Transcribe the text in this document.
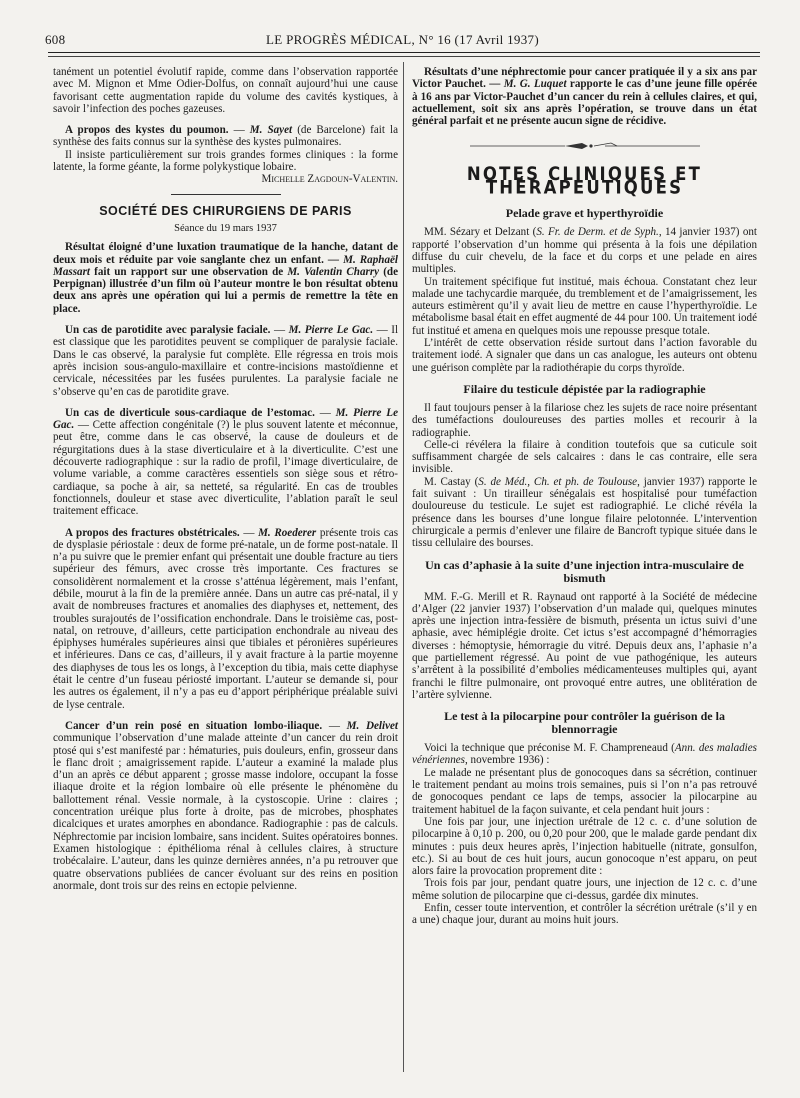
608	LE PROGRÈS MÉDICAL, N° 16 (17 Avril 1937)

tanément un potentiel évolutif rapide, comme dans l’observation rapportée avec M. Mignon et Mme Odier-Dolfus, on connaît aujourd’hui une cause favorisant cette augmentation rapide du volume des cavités kystiques, à savoir l’infection des poches gazeuses.

A propos des kystes du poumon. — M. Sayet (de Barcelone) fait la synthèse des faits connus sur la synthèse des kystes pulmonaires.

Il insiste particulièrement sur trois grandes formes cliniques : la forme latente, la forme géante, la forme polykystique lobaire.

Michelle Zagdoun-Valentin.
SOCIÉTÉ DES CHIRURGIENS DE PARIS
Séance du 19 mars 1937

Résultat éloigné d’une luxation traumatique de la hanche, datant de deux mois et réduite par voie sanglante chez un enfant. — M. Raphaël Massart fait un rapport sur une observation de M. Valentin Charry (de Perpignan) illustrée d’un film où l’auteur montre le bon résultat obtenu deux ans après une opération qui lui a permis de remettre la tête en place.

Un cas de parotidite avec paralysie faciale. — M. Pierre Le Gac. — Il est classique que les parotidites peuvent se compliquer de paralysie faciale. Dans le cas observé, la paralysie fut complète. Elle régressa en trois mois après incision sous-angulo-maxillaire et contre-incisions mastoïdienne et cervicale, nécessitées par les fusées purulentes. La paralysie faciale ne s’observe qu’en cas de parotidite grave.

Un cas de diverticule sous-cardiaque de l’estomac. — M. Pierre Le Gac. — Cette affection congénitale (?) le plus souvent latente et méconnue, peut être, comme dans le cas observé, la cause de douleurs et de régurgitations dues à la stase diverticulaire et à la diverticulite. C’est une découverte radiographique : sur la radio de profil, l’image diverticulaire, de volume variable, a comme caractères essentiels son siège sous et rétro-cardiaque, sa poche à air, sa netteté, sa régularité. En cas de troubles fonctionnels, douleur et stase avec diverticulite, l’ablation paraît le seul traitement efficace.

A propos des fractures obstétricales. — M. Roederer présente trois cas de dysplasie périostale : deux de forme pré-natale, un de forme post-natale. Il n’a pu suivre que le premier enfant qui présentait une double fracture au tiers supérieur des fémurs, avec crosse très importante. Ces fractures se consolidèrent normalement et la crosse s’atténua légèrement, mais l’enfant, débile, mourut à la fin de la première année. Dans un autre cas pré-natal, il y avait de nombreuses fractures et anomalies des diaphyses et, nettement, des troubles surajoutés de l’ossification enchondrale. Dans le troisième cas, post-natal, on retrouve, d’ailleurs, cette participation enchondrale au niveau des épiphyses humérales supérieures ainsi que tibiales et péronières supérieures et inférieures. Dans ce cas, d’ailleurs, il y avait fracture à la partie moyenne des diaphyses de tous les os longs, à l’exception du tibia, mais cette diaphyse était le centre d’un fuseau périosté important. L’auteur se demande si, pour les autres os également, il n’y a pas eu d’apport périphérique préalable suivi de lyse centrale.

Cancer d’un rein posé en situation lombo-iliaque. — M. Delivet communique l’observation d’une malade atteinte d’un cancer du rein droit ptosé qui s’est manifesté par : hématuries, puis douleurs, enfin, grosseur dans le flanc droit ; amaigrissement rapide. L’auteur a examiné la malade plus d’un an après ce début apparent ; grosse masse indolore, occupant la fosse iliaque droite et la région lombaire où elle présente le phénomène du ballottement rénal. Vessie normale, à la cystoscopie. Urine : claires ; concentration uréique plus forte à droite, pas de microbes, phosphates dicalciques et urates amorphes en abondance. Radiographie : pas de calculs. Néphrectomie par incision lombaire, sans incident. Suites opératoires bonnes. Examen histologique : épithélioma rénal à cellules claires, à structure trobécalaire. L’auteur, dans les quinze dernières années, n’a pu retrouver que quatre observations publiées de cancer évoluant sur des reins en position anormale, dont trois sur des reins en ectopie pelvienne.

Résultats d’une néphrectomie pour cancer pratiquée il y a six ans par Victor Pauchet. — M. G. Luquet rapporte le cas d’une jeune fille opérée à 16 ans par Victor-Pauchet d’un cancer du rein à cellules claires, et qui, actuellement, soit six ans après l’opération, se trouve dans un état général parfait et ne présente aucun signe de récidive.

NOTES CLINIQUES ET THÉRAPEUTIQUES
Pelade grave et hyperthyroïdie

MM. Sézary et Delzant (S. Fr. de Derm. et de Syph., 14 janvier 1937) ont rapporté l’observation d’un homme qui présenta à la fois une dépilation diffuse du cuir chevelu, de la face et du corps et une pelade en aires multiples.

Un traitement spécifique fut institué, mais échoua. Constatant chez leur malade une tachycardie marquée, du tremblement et de l’amaigrissement, les auteurs estimèrent qu’il y avait lieu de mettre en cause l’hyperthyroïdie. Le métabolisme basal était en effet augmenté de 44 pour 100. Un traitement iodé fut institué et amena en quelques mois une repousse presque totale.

L’intérêt de cette observation réside surtout dans l’action favorable du traitement iodé. A signaler que dans un cas analogue, les auteurs ont obtenu une guérison complète par la radiothérapie du corps thyroïde.

Filaire du testicule dépistée par la radiographie

Il faut toujours penser à la filariose chez les sujets de race noire présentant des tuméfactions douloureuses des parties molles et recourir à la radiographie.

Celle-ci révélera la filaire à condition toutefois que sa cuticule soit suffisamment chargée de sels calcaires : dans le cas contraire, elle sera invisible.

M. Castay (S. de Méd., Ch. et ph. de Toulouse, janvier 1937) rapporte le fait suivant : Un tirailleur sénégalais est hospitalisé pour tuméfaction douloureuse du testicule. Le sujet est radiographié. Le cliché révéla la présence dans les bourses d’une longue filaire pelotonnée. L’intervention chirurgicale a permis d’enlever une filaire de Bancroft typique située dans le tissu cellulaire des bourses.

Un cas d’aphasie à la suite d’une injection intra-musculaire de bismuth

MM. F.-G. Merill et R. Raynaud ont rapporté à la Société de médecine d’Alger (22 janvier 1937) l’observation d’un malade qui, quelques minutes après une injection intra-fessière de bismuth, présenta un ictus suivi d’une aphasie, avec hémiplégie droite. Cet ictus s’est accompagné d’hémorragies diverses : hémoptysie, hémorragie du vitré. Depuis deux ans, l’aphasie n’a que partiellement régressé. Au point de vue pathogénique, les auteurs s’arrêtent à la possibilité d’embolies médicamenteuses multiples qui, ayant franchi le filtre pulmonaire, ont provoqué entre autres, une oblitération de l’artère sylvienne.

Le test à la pilocarpine pour contrôler la guérison de la blennorragie

Voici la technique que préconise M. F. Champreneaud (Ann. des maladies vénériennes, novembre 1936) :

Le malade ne présentant plus de gonocoques dans sa sécrétion, continuer le traitement pendant au moins trois semaines, puis si l’on n’a pas retrouvé de gonocoques pendant ce laps de temps, associer la pilocarpine au traitement habituel de la façon suivante, et cela pendant huit jours :

Une fois par jour, une injection urétrale de 12 c. c. d’une solution de pilocarpine à 0,10 p. 200, ou 0,20 pour 200, que le malade garde pendant dix minutes : puis deux heures après, l’injection habituelle (nitrate, gonsulfon, etc.). Si au bout de ces huit jours, aucun gonocoque n’est apparu, on peut alors faire la provocation proprement dite :

Trois fois par jour, pendant quatre jours, une injection de 12 c. c. d’une même solution de pilocarpine que ci-dessus, gardée dix minutes.

Enfin, cesser toute intervention, et contrôler la sécrétion urétrale (s’il y en a une) chaque jour, durant au moins huit jours.
